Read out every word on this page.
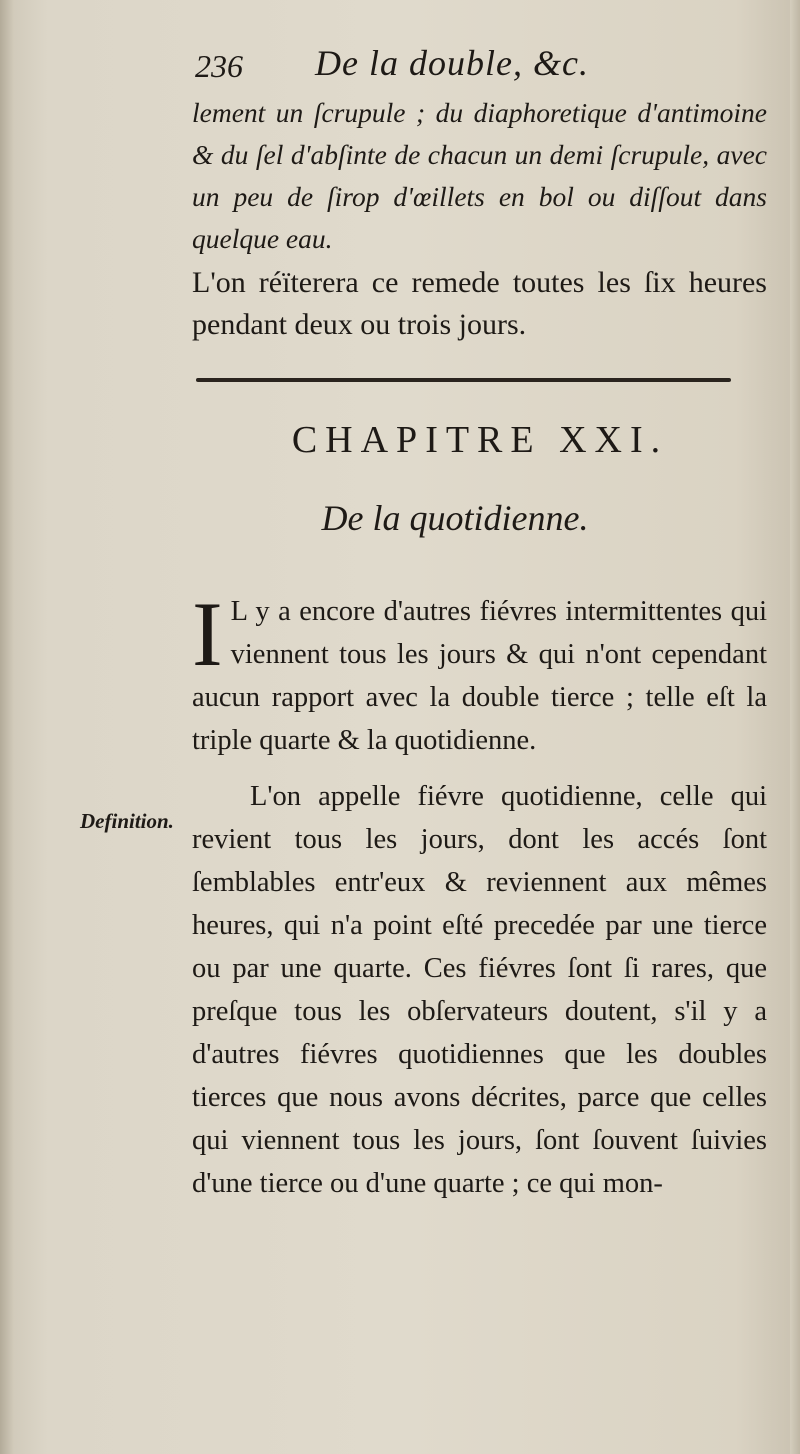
236 De la double, &c.
lement un ſcrupule ; du diaphoretique d'antimoine & du ſel d'abſinte de chacun un demi ſcrupule, avec un peu de ſirop d'œillets en bol ou diſſout dans quelque eau.
L'on réïterera ce remede toutes les ſix heures pendant deux ou trois jours.
CHAPITRE XXI.
De la quotidienne.
I L y a encore d'autres fiévres intermittentes qui viennent tous les jours & qui n'ont cependant aucun rapport avec la double tierce ; telle eſt la triple quarte & la quotidienne.
Definition.
L'on appelle fiévre quotidienne, celle qui revient tous les jours, dont les accés ſont ſemblables entr'eux & reviennent aux mêmes heures, qui n'a point eſté precedée par une tierce ou par une quarte. Ces fiévres ſont ſi rares, que preſque tous les obſervateurs doutent, s'il y a d'autres fiévres quotidiennes que les doubles tierces que nous avons décrites, parce que celles qui viennent tous les jours, ſont ſouvent ſuivies d'une tierce ou d'une quarte ; ce qui mon-
